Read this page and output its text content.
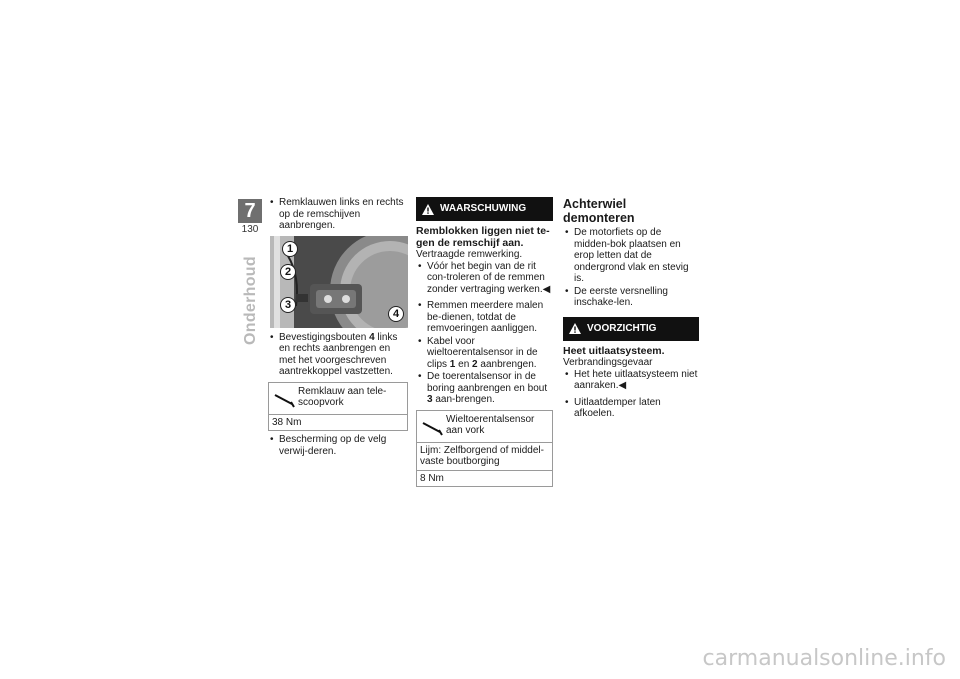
7
130
Onderhoud
• Remklauwen links en rechts op de remschijven aanbrengen.
1
2
3
4
• Bevestigingsbouten 4 links en rechts aanbrengen en met het voorgeschreven aantrekkoppel vastzetten.
Remklauw aan tele-scoopvork
38 Nm
• Bescherming op de velg verwij-deren.
WAARSCHUWING
Remblokken liggen niet te-gen de remschijf aan.
Vertraagde remwerking.
• Vóór het begin van de rit con-troleren of de remmen zonder vertraging werken.◀
• Remmen meerdere malen be-dienen, totdat de remvoeringen aanliggen.
• Kabel voor wieltoerentalsensor in de clips 1 en 2 aanbrengen.
• De toerentalsensor in de boring aanbrengen en bout 3 aan-brengen.
Wieltoerentalsensor aan vork
Lijm: Zelfborgend of middel-vaste boutborging
8 Nm
Achterwiel demonteren
• De motorfiets op de midden-bok plaatsen en erop letten dat de ondergrond vlak en stevig is.
• De eerste versnelling inschake-len.
VOORZICHTIG
Heet uitlaatsysteem.
Verbrandingsgevaar
• Het hete uitlaatsysteem niet aanraken.◀
• Uitlaatdemper laten afkoelen.
carmanualsonline.info
